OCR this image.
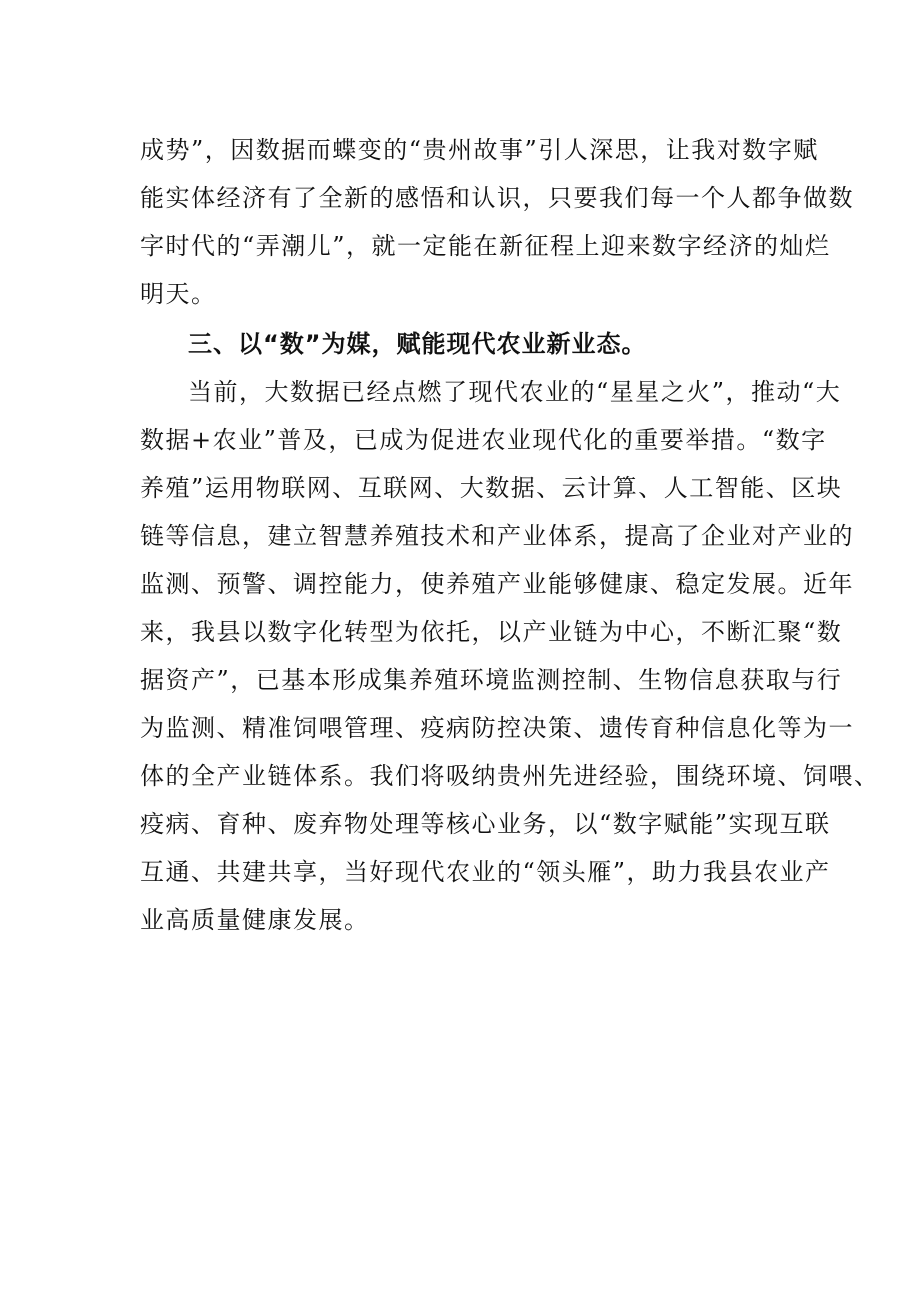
成势”，因数据而蝶变的“贵州故事”引人深思，让我对数字赋
能实体经济有了全新的感悟和认识，只要我们每一个人都争做数
字时代的“弄潮儿”，就一定能在新征程上迎来数字经济的灿烂
明天。
三、以“数”为媒，赋能现代农业新业态。
当前，大数据已经点燃了现代农业的“星星之火”，推动“大
数据+农业”普及，已成为促进农业现代化的重要举措。“数字
养殖”运用物联网、互联网、大数据、云计算、人工智能、区块
链等信息，建立智慧养殖技术和产业体系，提高了企业对产业的
监测、预警、调控能力，使养殖产业能够健康、稳定发展。近年
来，我县以数字化转型为依托，以产业链为中心，不断汇聚“数
据资产”，已基本形成集养殖环境监测控制、生物信息获取与行
为监测、精准饲喂管理、疫病防控决策、遗传育种信息化等为一
体的全产业链体系。我们将吸纳贵州先进经验，围绕环境、饲喂、
疫病、育种、废弃物处理等核心业务，以“数字赋能”实现互联
互通、共建共享，当好现代农业的“领头雁”，助力我县农业产
业高质量健康发展。
